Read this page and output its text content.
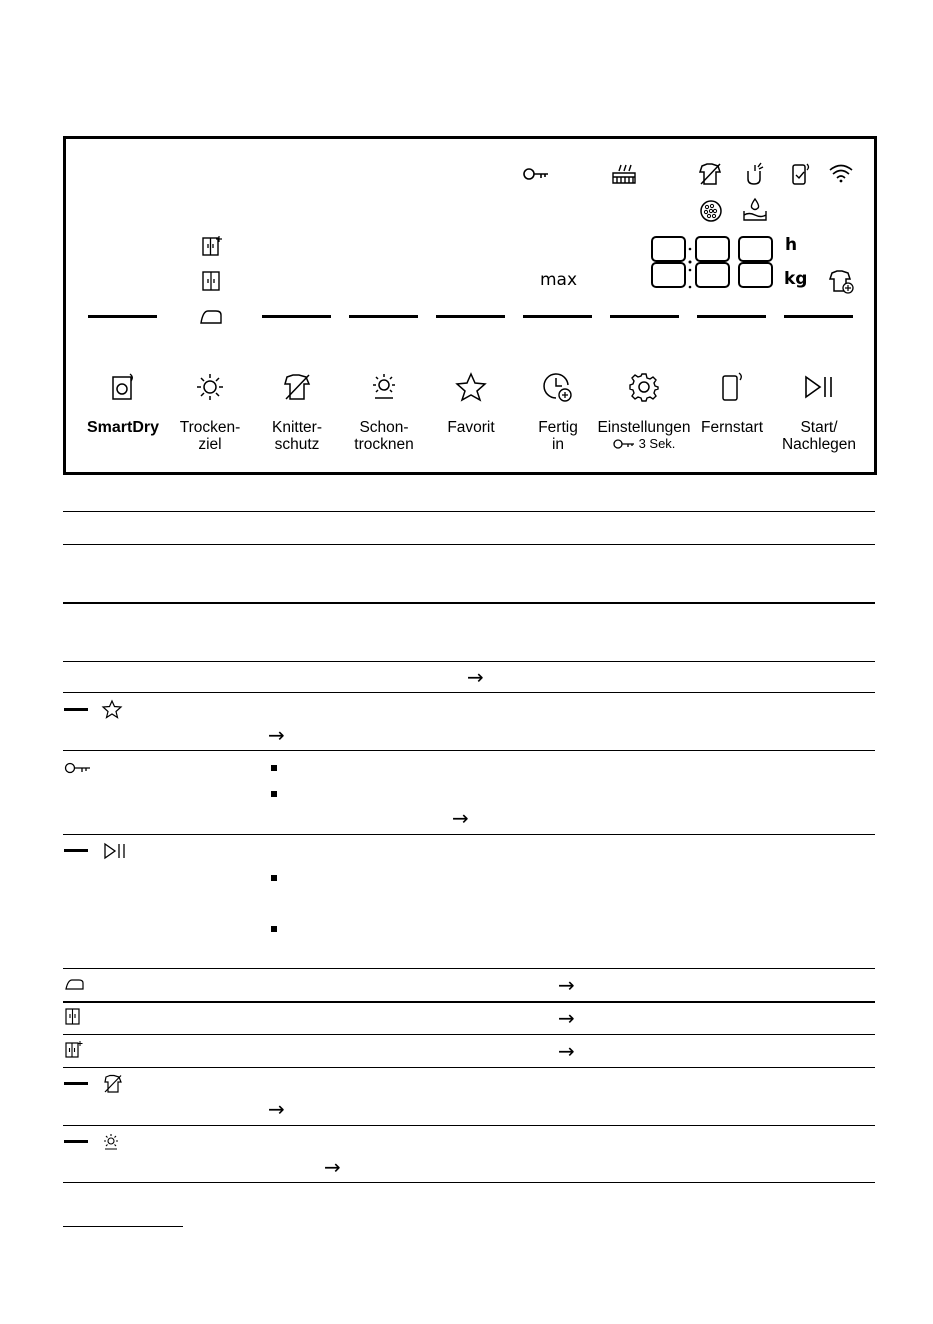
max
h
kg
SmartDry	Trocken-
ziel
Knitter-
schutz
Schon-
trocknen
Favorit	Fertig
in
Einstellungen
3 Sek.
Fernstart	Start/
Nachlegen
→
→
→
→
→
→
→
→
